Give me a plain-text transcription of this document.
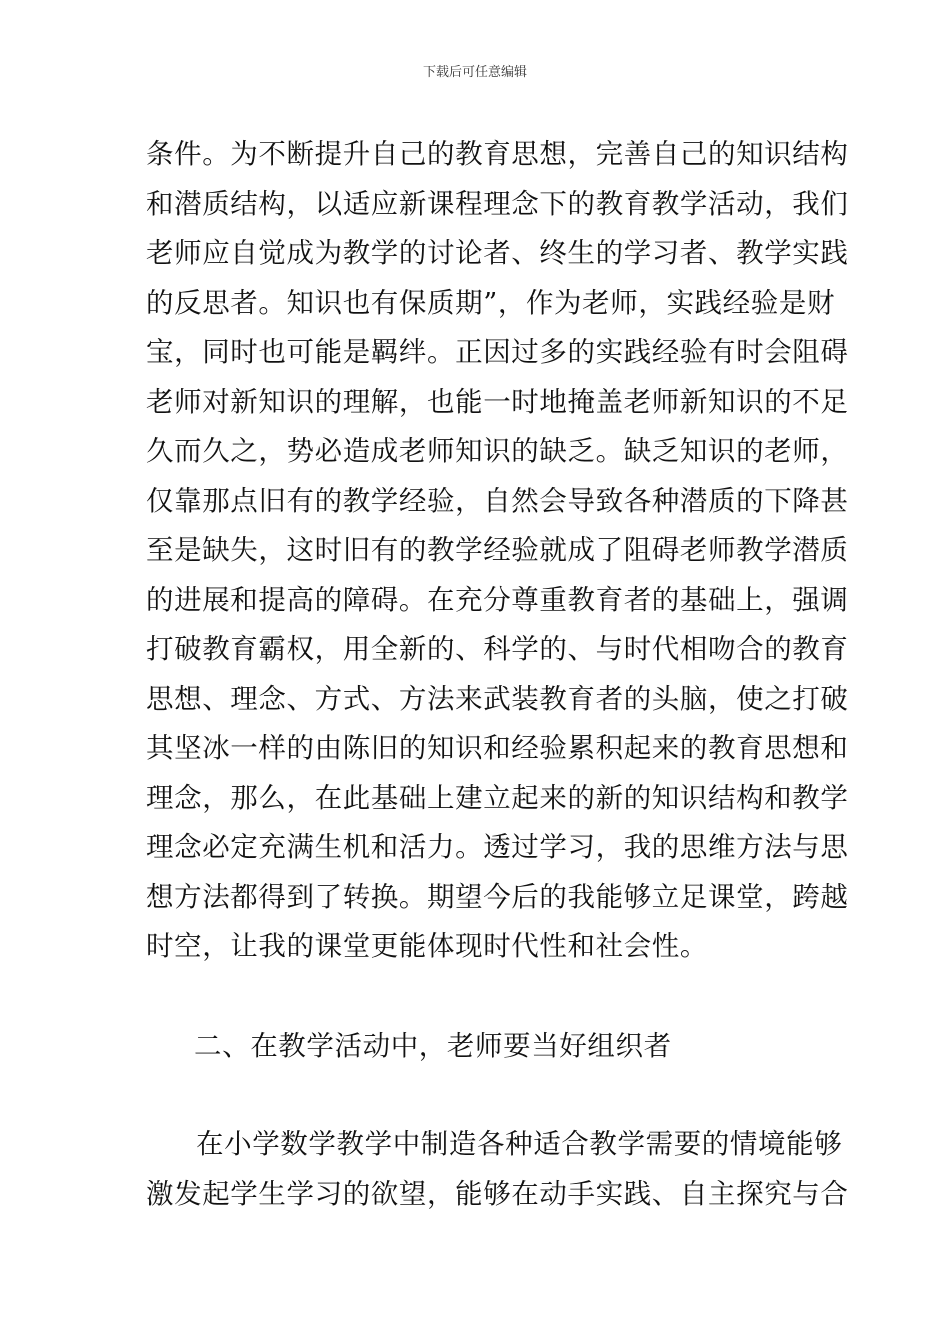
下载后可任意编辑
条件。为不断提升自己的教育思想，完善自己的知识结构
和潜质结构，以适应新课程理念下的教育教学活动，我们
老师应自觉成为教学的讨论者、终生的学习者、教学实践
的反思者。知识也有保质期”，作为老师，实践经验是财
宝，同时也可能是羁绊。正因过多的实践经验有时会阻碍
老师对新知识的理解，也能一时地掩盖老师新知识的不足
久而久之，势必造成老师知识的缺乏。缺乏知识的老师，
仅靠那点旧有的教学经验，自然会导致各种潜质的下降甚
至是缺失，这时旧有的教学经验就成了阻碍老师教学潜质
的进展和提高的障碍。在充分尊重教育者的基础上，强调
打破教育霸权，用全新的、科学的、与时代相吻合的教育
思想、理念、方式、方法来武装教育者的头脑，使之打破
其坚冰一样的由陈旧的知识和经验累积起来的教育思想和
理念，那么，在此基础上建立起来的新的知识结构和教学
理念必定充满生机和活力。透过学习，我的思维方法与思
想方法都得到了转换。期望今后的我能够立足课堂，跨越
时空，让我的课堂更能体现时代性和社会性。
二、在教学活动中，老师要当好组织者
在小学数学教学中制造各种适合教学需要的情境能够
激发起学生学习的欲望，能够在动手实践、自主探究与合
